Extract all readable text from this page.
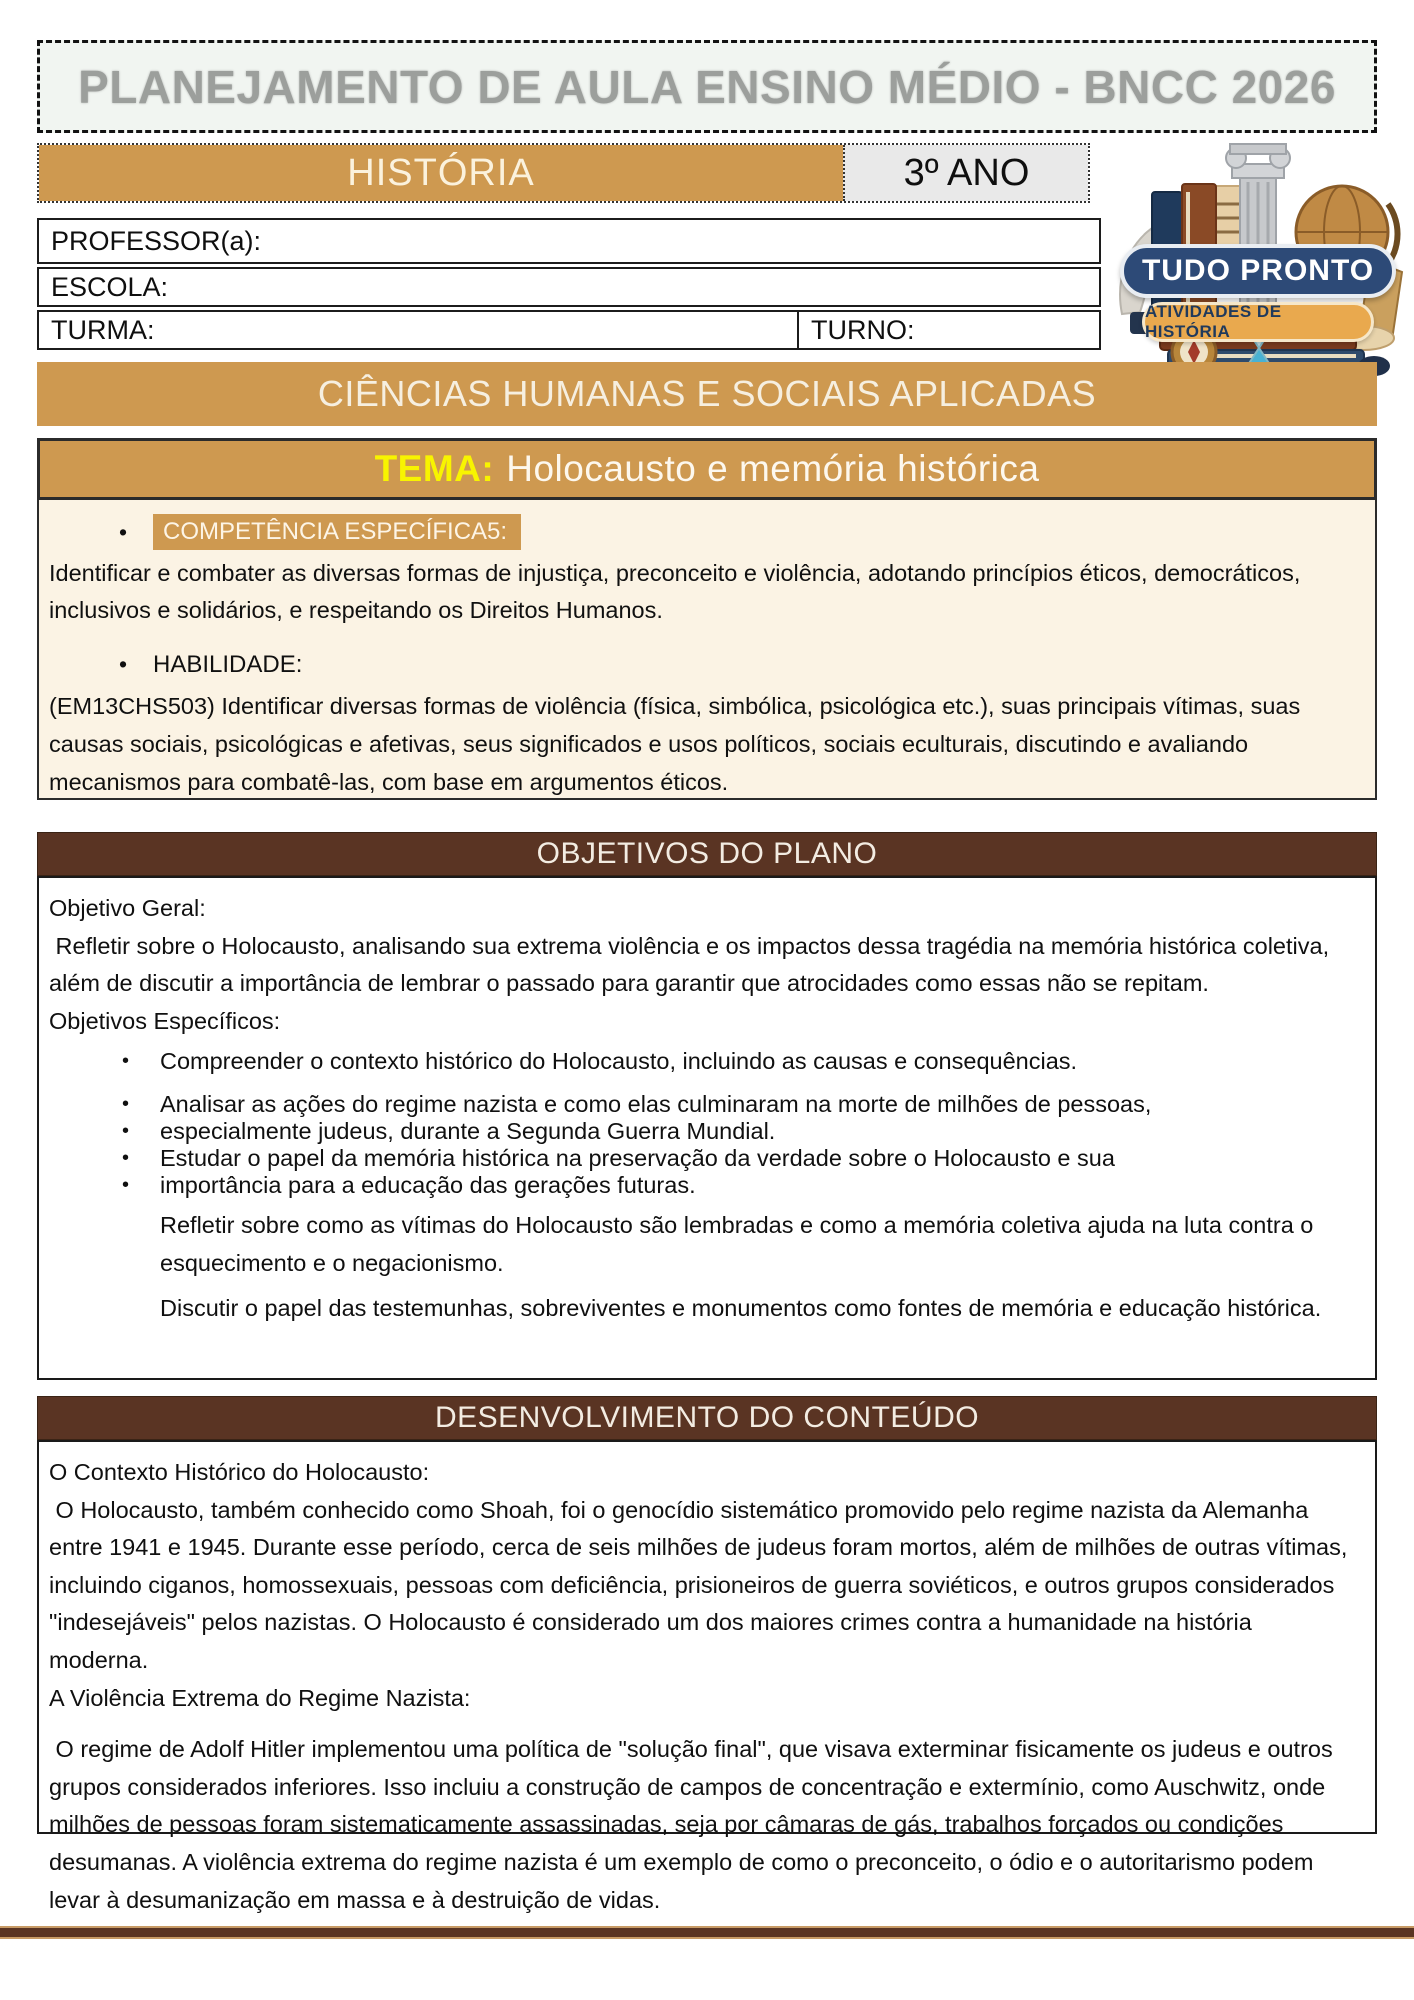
PLANEJAMENTO DE AULA ENSINO MÉDIO - BNCC 2026
HISTÓRIA	3º ANO
PROFESSOR(a):
ESCOLA:
TURMA:	TURNO:
TUDO PRONTO
ATIVIDADES DE HISTÓRIA
CIÊNCIAS HUMANAS E SOCIAIS APLICADAS
TEMA: Holocausto e memória histórica
•	COMPETÊNCIA ESPECÍFICA5:
Identificar e combater as diversas formas de injustiça, preconceito e violência, adotando princípios éticos, democráticos, inclusivos e solidários, e respeitando os Direitos Humanos.
•	HABILIDADE:
(EM13CHS503) Identificar diversas formas de violência (física, simbólica, psicológica etc.), suas principais vítimas, suas causas sociais, psicológicas e afetivas, seus significados e usos políticos, sociais eculturais, discutindo e avaliando mecanismos para combatê-las, com base em argumentos éticos.
OBJETIVOS DO PLANO
Objetivo Geral:
Refletir sobre o Holocausto, analisando sua extrema violência e os impactos dessa tragédia na memória histórica coletiva, além de discutir a importância de lembrar o passado para garantir que atrocidades como essas não se repitam.
Objetivos Específicos:
•	Compreender o contexto histórico do Holocausto, incluindo as causas e consequências.
•	Analisar as ações do regime nazista e como elas culminaram na morte de milhões de pessoas,
•	especialmente judeus, durante a Segunda Guerra Mundial.
•	Estudar o papel da memória histórica na preservação da verdade sobre o Holocausto e sua
•	importância para a educação das gerações futuras.
Refletir sobre como as vítimas do Holocausto são lembradas e como a memória coletiva ajuda na luta contra o esquecimento e o negacionismo.
Discutir o papel das testemunhas, sobreviventes e monumentos como fontes de memória e educação histórica.
DESENVOLVIMENTO DO CONTEÚDO
O Contexto Histórico do Holocausto:
O Holocausto, também conhecido como Shoah, foi o genocídio sistemático promovido pelo regime nazista da Alemanha entre 1941 e 1945. Durante esse período, cerca de seis milhões de judeus foram mortos, além de milhões de outras vítimas, incluindo ciganos, homossexuais, pessoas com deficiência, prisioneiros de guerra soviéticos, e outros grupos considerados "indesejáveis" pelos nazistas. O Holocausto é considerado um dos maiores crimes contra a humanidade na história moderna.
A Violência Extrema do Regime Nazista:
O regime de Adolf Hitler implementou uma política de "solução final", que visava exterminar fisicamente os judeus e outros grupos considerados inferiores. Isso incluiu a construção de campos de concentração e extermínio, como Auschwitz, onde milhões de pessoas foram sistematicamente assassinadas, seja por câmaras de gás, trabalhos forçados ou condições desumanas. A violência extrema do regime nazista é um exemplo de como o preconceito, o ódio e o autoritarismo podem levar à desumanização em massa e à destruição de vidas.
